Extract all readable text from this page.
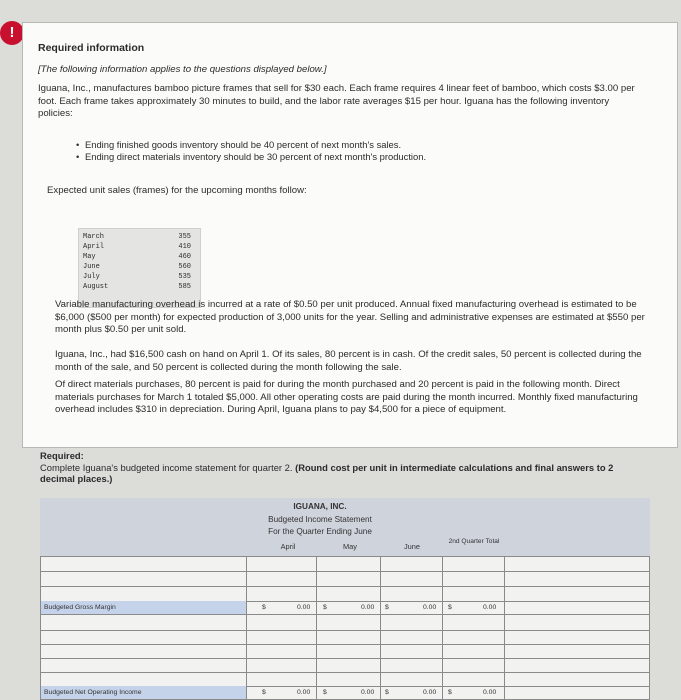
!
Required information
[The following information applies to the questions displayed below.]
Iguana, Inc., manufactures bamboo picture frames that sell for $30 each. Each frame requires 4 linear feet of bamboo, which costs $3.00 per foot. Each frame takes approximately 30 minutes to build, and the labor rate averages $15 per hour. Iguana has the following inventory policies:
• Ending finished goods inventory should be 40 percent of next month's sales.
• Ending direct materials inventory should be 30 percent of next month's production.
Expected unit sales (frames) for the upcoming months follow:
March	355
April	410
May	460
June	560
July	535
August	585
Variable manufacturing overhead is incurred at a rate of $0.50 per unit produced. Annual fixed manufacturing overhead is estimated to be $6,000 ($500 per month) for expected production of 3,000 units for the year. Selling and administrative expenses are estimated at $550 per month plus $0.50 per unit sold.
Iguana, Inc., had $16,500 cash on hand on April 1. Of its sales, 80 percent is in cash. Of the credit sales, 50 percent is collected during the month of the sale, and 50 percent is collected during the month following the sale.
Of direct materials purchases, 80 percent is paid for during the month purchased and 20 percent is paid in the following month. Direct materials purchases for March 1 totaled $5,000. All other operating costs are paid during the month incurred. Monthly fixed manufacturing overhead includes $310 in depreciation. During April, Iguana plans to pay $4,500 for a piece of equipment.
Required:
Complete Iguana's budgeted income statement for quarter 2. (Round cost per unit in intermediate calculations and final answers to 2 decimal places.)
IGUANA, INC.
Budgeted Income Statement
For the Quarter Ending June
April	May	June
2nd Quarter Total
Budgeted Gross Margin	$	0.00 $	0.00 $	0.00 $	0.00
Budgeted Net Operating Income	$	0.00 $	0.00 $	0.00 $	0.00
